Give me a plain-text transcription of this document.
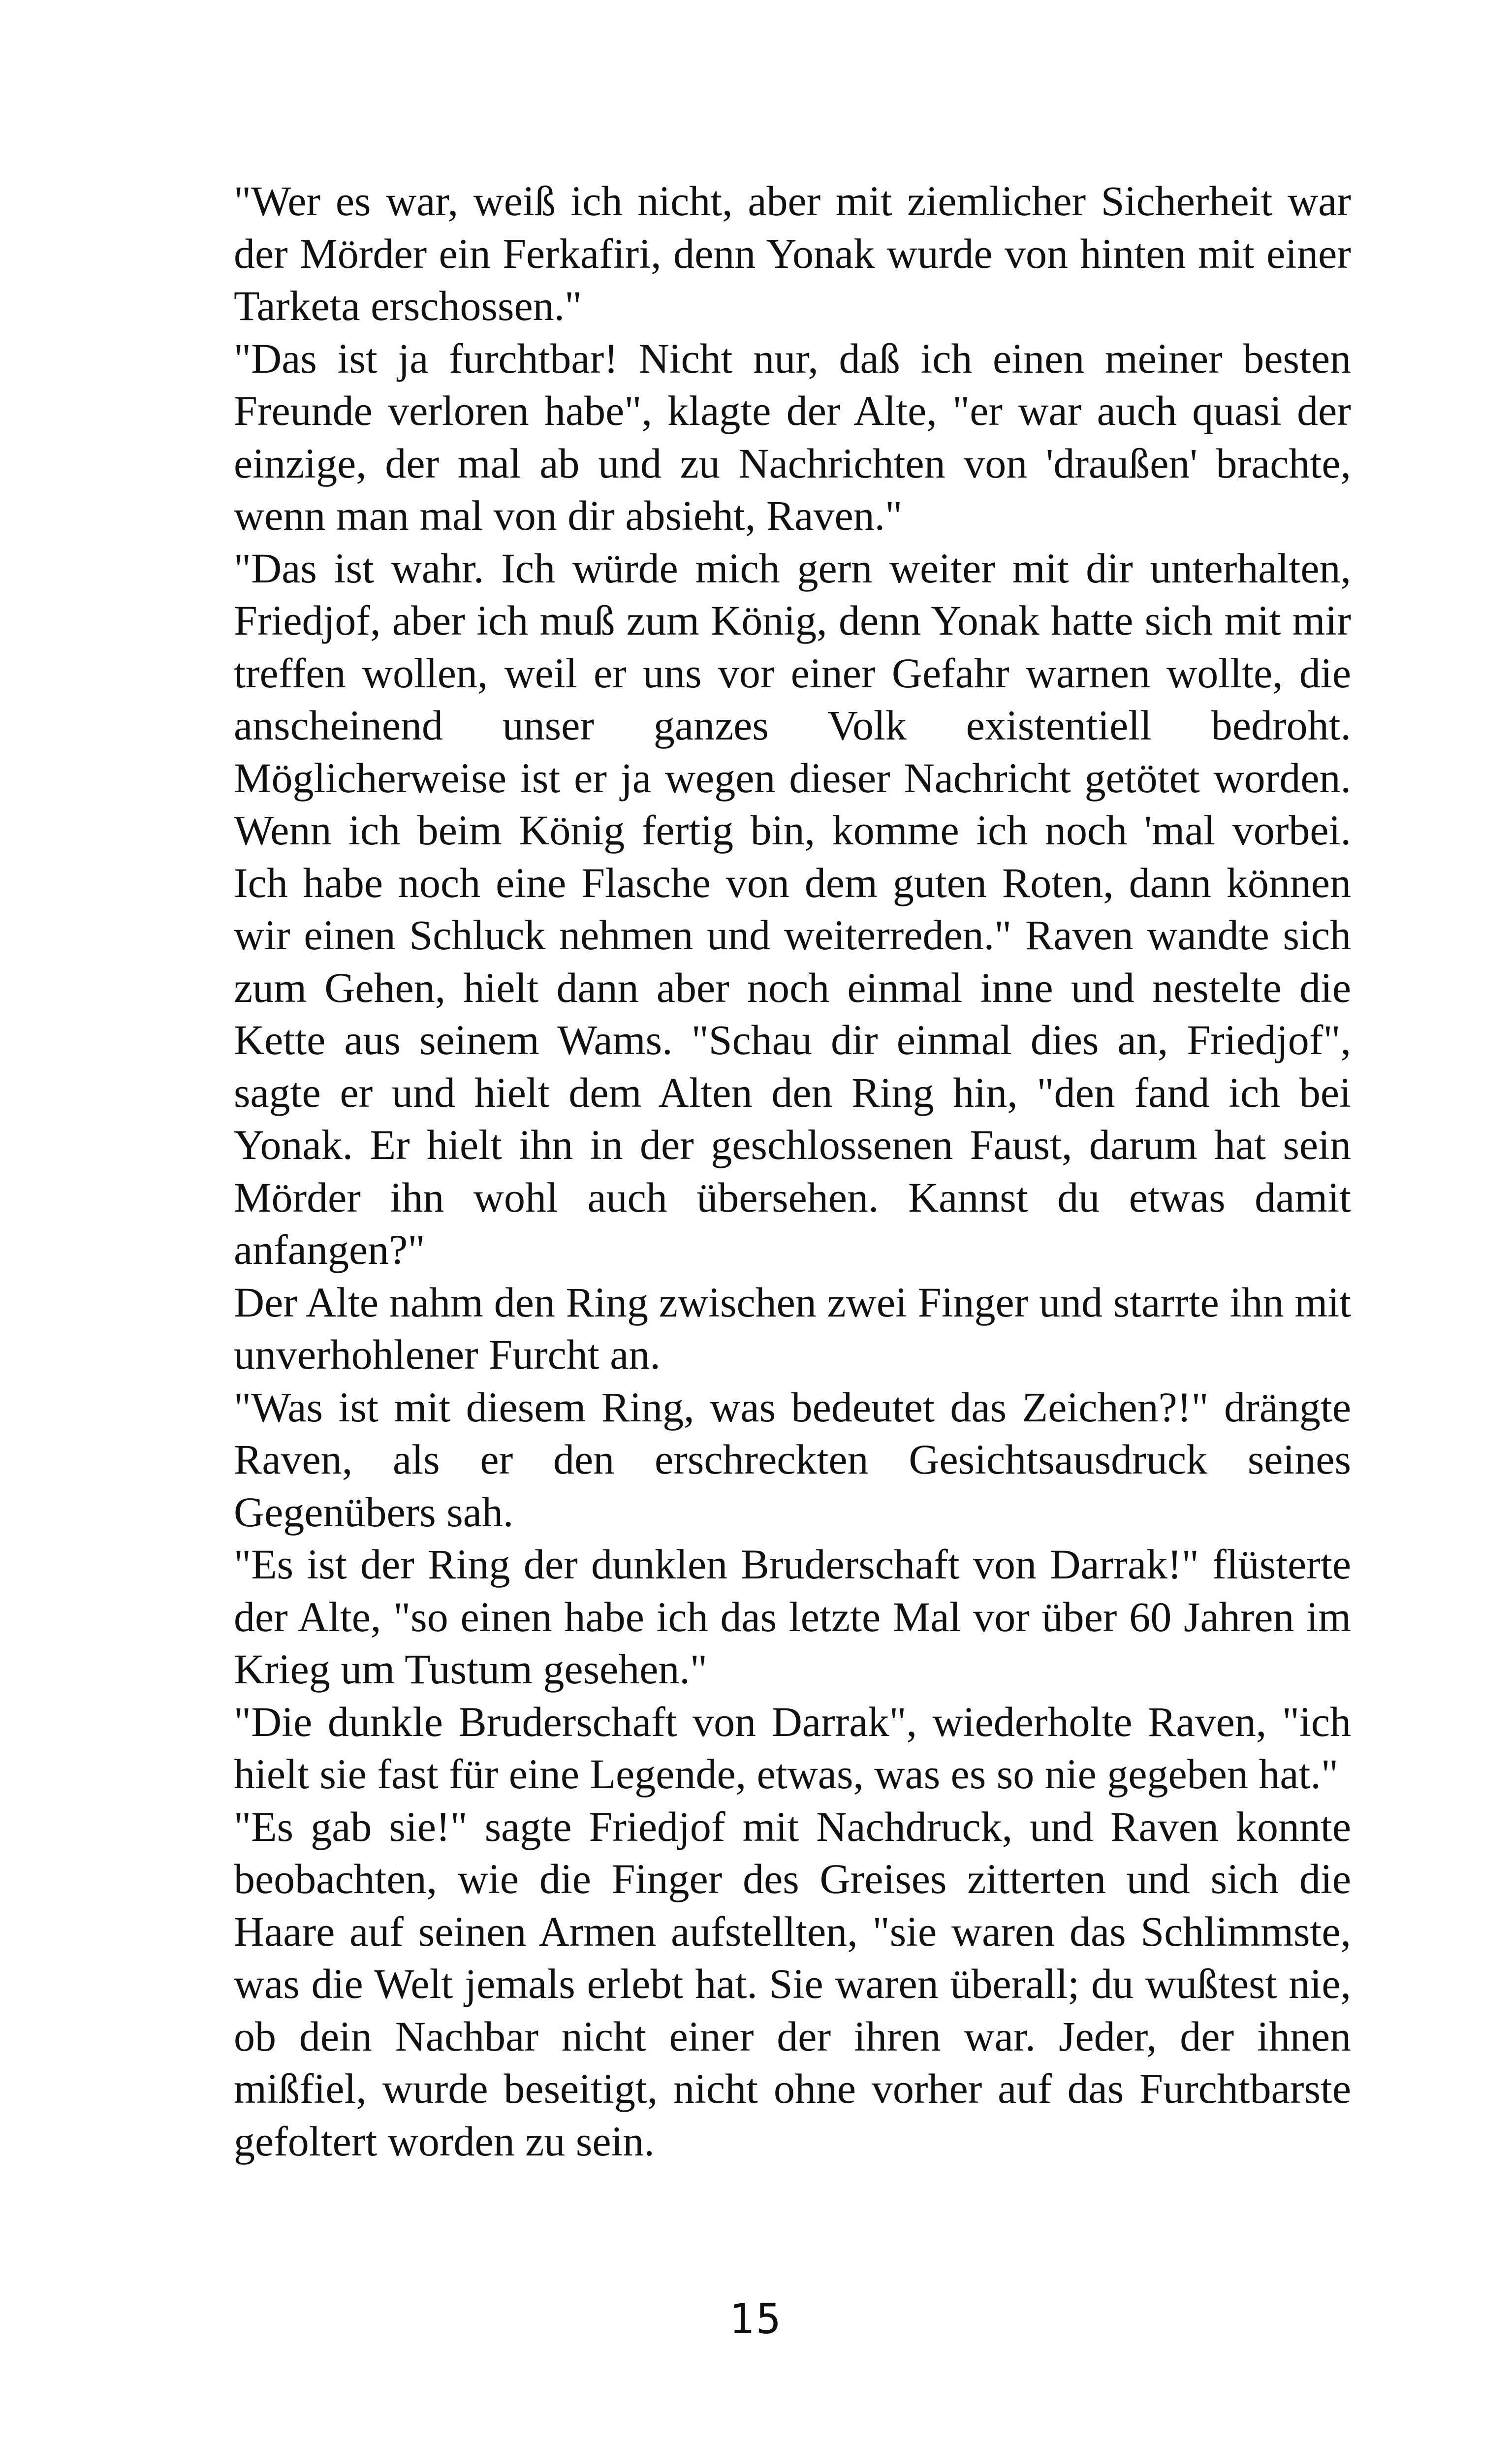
"Wer es war, weiß ich nicht, aber mit ziemlicher Sicherheit war der Mörder ein Ferkafiri, denn Yonak wurde von hinten mit einer Tarketa erschossen."

"Das ist ja furchtbar! Nicht nur, daß ich einen meiner besten Freunde verloren habe", klagte der Alte, "er war auch quasi der einzige, der mal ab und zu Nachrichten von 'draußen' brachte, wenn man mal von dir absieht, Raven."

"Das ist wahr. Ich würde mich gern weiter mit dir unterhalten, Friedjof, aber ich muß zum König, denn Yonak hatte sich mit mir treffen wollen, weil er uns vor einer Gefahr warnen wollte, die anscheinend unser ganzes Volk existentiell bedroht. Möglicherweise ist er ja wegen dieser Nachricht getötet worden. Wenn ich beim König fertig bin, komme ich noch 'mal vorbei. Ich habe noch eine Flasche von dem guten Roten, dann können wir einen Schluck nehmen und weiterreden." Raven wandte sich zum Gehen, hielt dann aber noch einmal inne und nestelte die Kette aus seinem Wams. "Schau dir einmal dies an, Friedjof", sagte er und hielt dem Alten den Ring hin, "den fand ich bei Yonak. Er hielt ihn in der geschlossenen Faust, darum hat sein Mörder ihn wohl auch übersehen. Kannst du etwas damit anfangen?"

Der Alte nahm den Ring zwischen zwei Finger und starrte ihn mit unverhohlener Furcht an.

"Was ist mit diesem Ring, was bedeutet das Zeichen?!" drängte Raven, als er den erschreckten Gesichtsausdruck seines Gegenübers sah.

"Es ist der Ring der dunklen Bruderschaft von Darrak!" flüsterte der Alte, "so einen habe ich das letzte Mal vor über 60 Jahren im Krieg um Tustum gesehen."

"Die dunkle Bruderschaft von Darrak", wiederholte Raven, "ich hielt sie fast für eine Legende, etwas, was es so nie gegeben hat."

"Es gab sie!" sagte Friedjof mit Nachdruck, und Raven konnte beobachten, wie die Finger des Greises zitterten und sich die Haare auf seinen Armen aufstellten, "sie waren das Schlimmste, was die Welt jemals erlebt hat. Sie waren überall; du wußtest nie, ob dein Nachbar nicht einer der ihren war. Jeder, der ihnen mißfiel, wurde beseitigt, nicht ohne vorher auf das Furchtbarste gefoltert worden zu sein.

15
